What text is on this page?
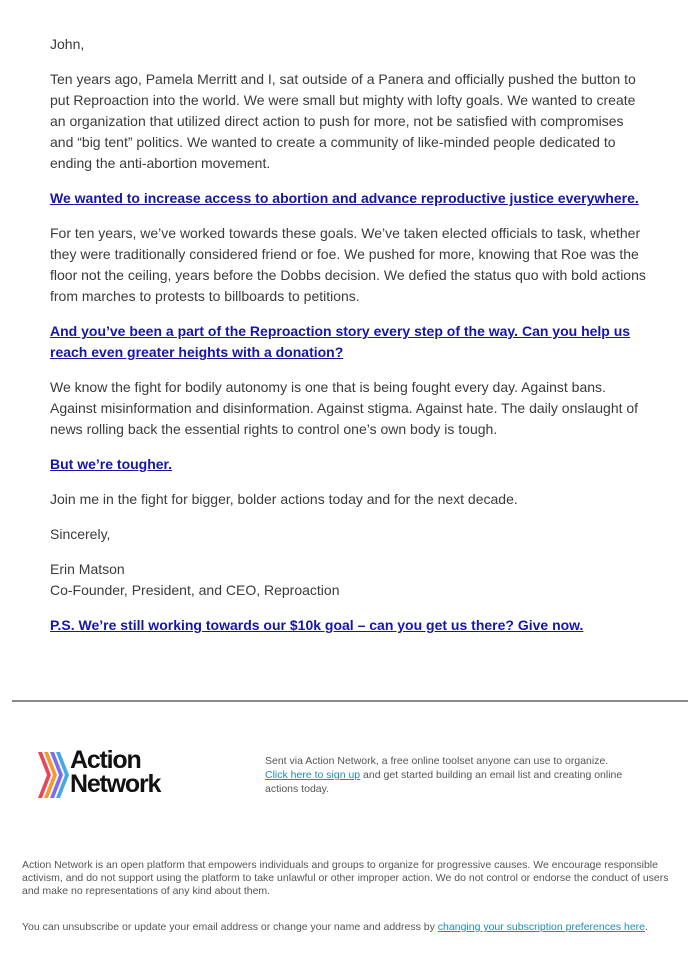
John,

Ten years ago, Pamela Merritt and I, sat outside of a Panera and officially pushed the button to put Reproaction into the world. We were small but mighty with lofty goals. We wanted to create an organization that utilized direct action to push for more, not be satisfied with compromises and “big tent” politics. We wanted to create a community of like-minded people dedicated to ending the anti-abortion movement.

We wanted to increase access to abortion and advance reproductive justice everywhere.

For ten years, we’ve worked towards these goals. We’ve taken elected officials to task, whether they were traditionally considered friend or foe. We pushed for more, knowing that Roe was the floor not the ceiling, years before the Dobbs decision. We defied the status quo with bold actions from marches to protests to billboards to petitions.

And you’ve been a part of the Reproaction story every step of the way. Can you help us reach even greater heights with a donation?

We know the fight for bodily autonomy is one that is being fought every day. Against bans. Against misinformation and disinformation. Against stigma. Against hate. The daily onslaught of news rolling back the essential rights to control one’s own body is tough.

But we’re tougher.

Join me in the fight for bigger, bolder actions today and for the next decade.

Sincerely,

Erin Matson
Co-Founder, President, and CEO, Reproaction

P.S. We’re still working towards our $10k goal – can you get us there? Give now.

Action
Network
Sent via Action Network, a free online toolset anyone can use to organize.
Click here to sign up and get started building an email list and creating online actions today.
Action Network is an open platform that empowers individuals and groups to organize for progressive causes. We encourage responsible activism, and do not support using the platform to take unlawful or other improper action. We do not control or endorse the conduct of users and make no representations of any kind about them.
You can unsubscribe or update your email address or change your name and address by changing your subscription preferences here.
